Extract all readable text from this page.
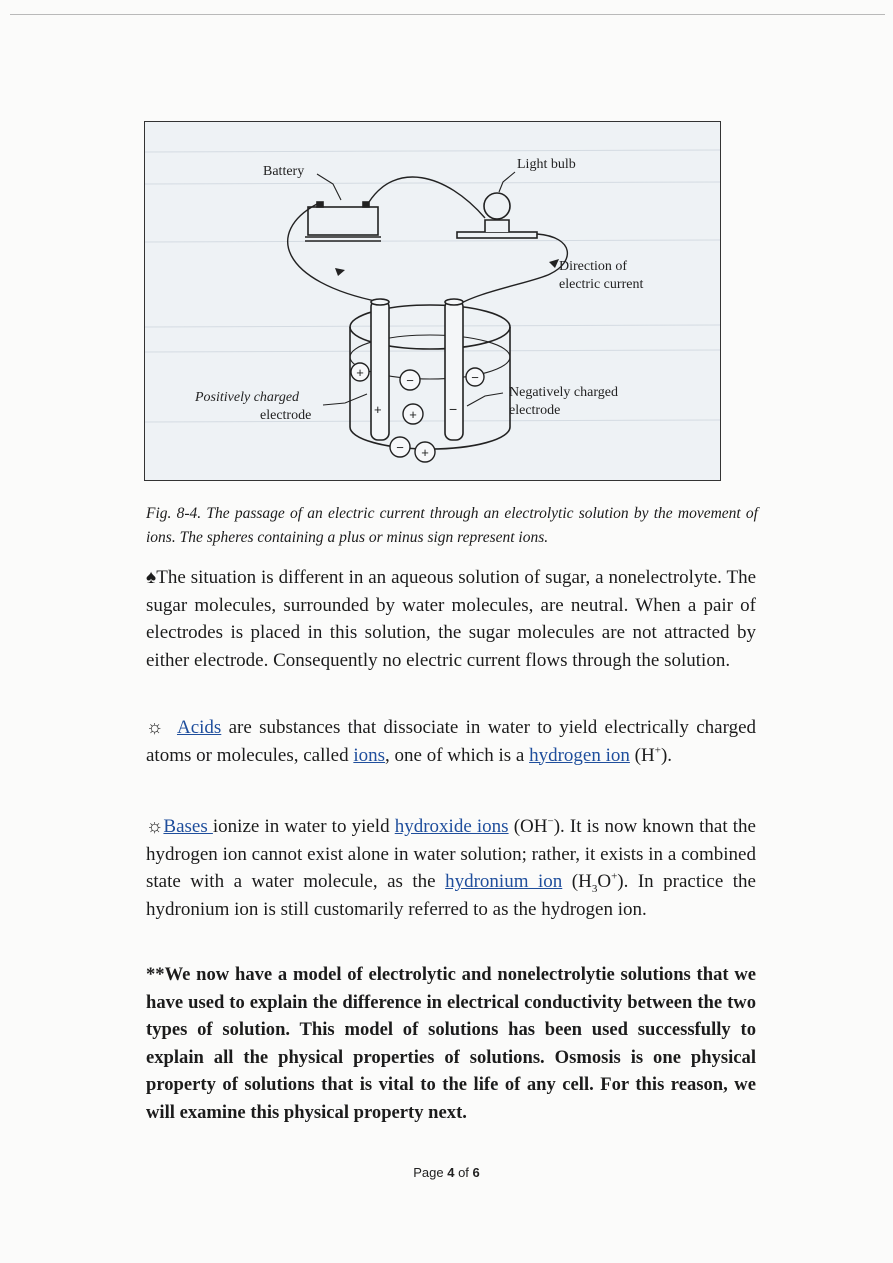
−
+
− +
−
+
+	−
Battery	Light bulb
Direction of
electric current
Positively charged
electrode
Negatively charged
electrode
Fig. 8-4. The passage of an electric current through an electrolytic solution by the movement of ions. The spheres containing a plus or minus sign represent ions.

♠The situation is different in an aqueous solution of sugar, a nonelectrolyte. The sugar molecules, surrounded by water molecules, are neutral. When a pair of electrodes is placed in this solution, the sugar molecules are not attracted by either electrode. Consequently no electric current flows through the solution.

☼ Acids are substances that dissociate in water to yield electrically charged atoms or molecules, called ions, one of which is a hydrogen ion (H+).

☼Bases ionize in water to yield hydroxide ions (OH−). It is now known that the hydrogen ion cannot exist alone in water solution; rather, it exists in a combined state with a water molecule, as the hydronium ion $(H_3O^+)$. In practice the hydronium ion is still customarily referred to as the hydrogen ion.

**We now have a model of electrolytic and nonelectrolytie solutions that we have used to explain the difference in electrical conductivity between the two types of solution. This model of solutions has been used successfully to explain all the physical properties of solutions. Osmosis is one physical property of solutions that is vital to the life of any cell. For this reason, we will examine this physical property next.

Page 4 of 6
